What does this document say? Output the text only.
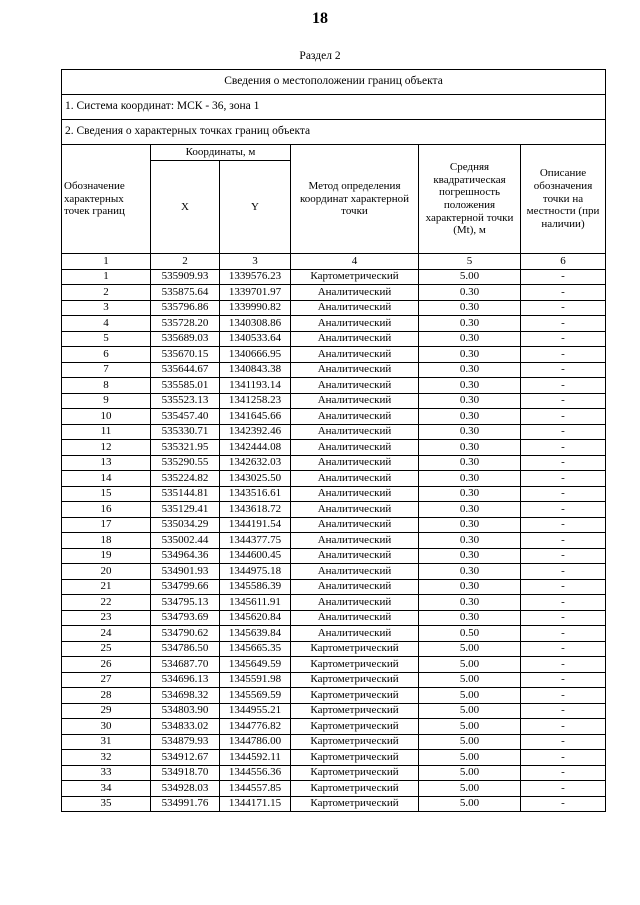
18
Раздел 2
Сведения о местоположении границ объекта					
1. Система координат: МСК - 36, зона 1					
2. Сведения о характерных точках границ объекта					
Обозначение характерных точек границ	Координаты, м		Метод определения координат характерной точки	Средняя квадратическая погрешность положения характерной точки (Mt), м	Описание обозначения точки на местности (при наличии)
	X	Y			
1	2	3	4	5	6
1	535909.93	1339576.23	Картометрический	5.00	-
2	535875.64	1339701.97	Аналитический	0.30	-
3	535796.86	1339990.82	Аналитический	0.30	-
4	535728.20	1340308.86	Аналитический	0.30	-
5	535689.03	1340533.64	Аналитический	0.30	-
6	535670.15	1340666.95	Аналитический	0.30	-
7	535644.67	1340843.38	Аналитический	0.30	-
8	535585.01	1341193.14	Аналитический	0.30	-
9	535523.13	1341258.23	Аналитический	0.30	-
10	535457.40	1341645.66	Аналитический	0.30	-
11	535330.71	1342392.46	Аналитический	0.30	-
12	535321.95	1342444.08	Аналитический	0.30	-
13	535290.55	1342632.03	Аналитический	0.30	-
14	535224.82	1343025.50	Аналитический	0.30	-
15	535144.81	1343516.61	Аналитический	0.30	-
16	535129.41	1343618.72	Аналитический	0.30	-
17	535034.29	1344191.54	Аналитический	0.30	-
18	535002.44	1344377.75	Аналитический	0.30	-
19	534964.36	1344600.45	Аналитический	0.30	-
20	534901.93	1344975.18	Аналитический	0.30	-
21	534799.66	1345586.39	Аналитический	0.30	-
22	534795.13	1345611.91	Аналитический	0.30	-
23	534793.69	1345620.84	Аналитический	0.30	-
24	534790.62	1345639.84	Аналитический	0.50	-
25	534786.50	1345665.35	Картометрический	5.00	-
26	534687.70	1345649.59	Картометрический	5.00	-
27	534696.13	1345591.98	Картометрический	5.00	-
28	534698.32	1345569.59	Картометрический	5.00	-
29	534803.90	1344955.21	Картометрический	5.00	-
30	534833.02	1344776.82	Картометрический	5.00	-
31	534879.93	1344786.00	Картометрический	5.00	-
32	534912.67	1344592.11	Картометрический	5.00	-
33	534918.70	1344556.36	Картометрический	5.00	-
34	534928.03	1344557.85	Картометрический	5.00	-
35	534991.76	1344171.15	Картометрический	5.00	-
